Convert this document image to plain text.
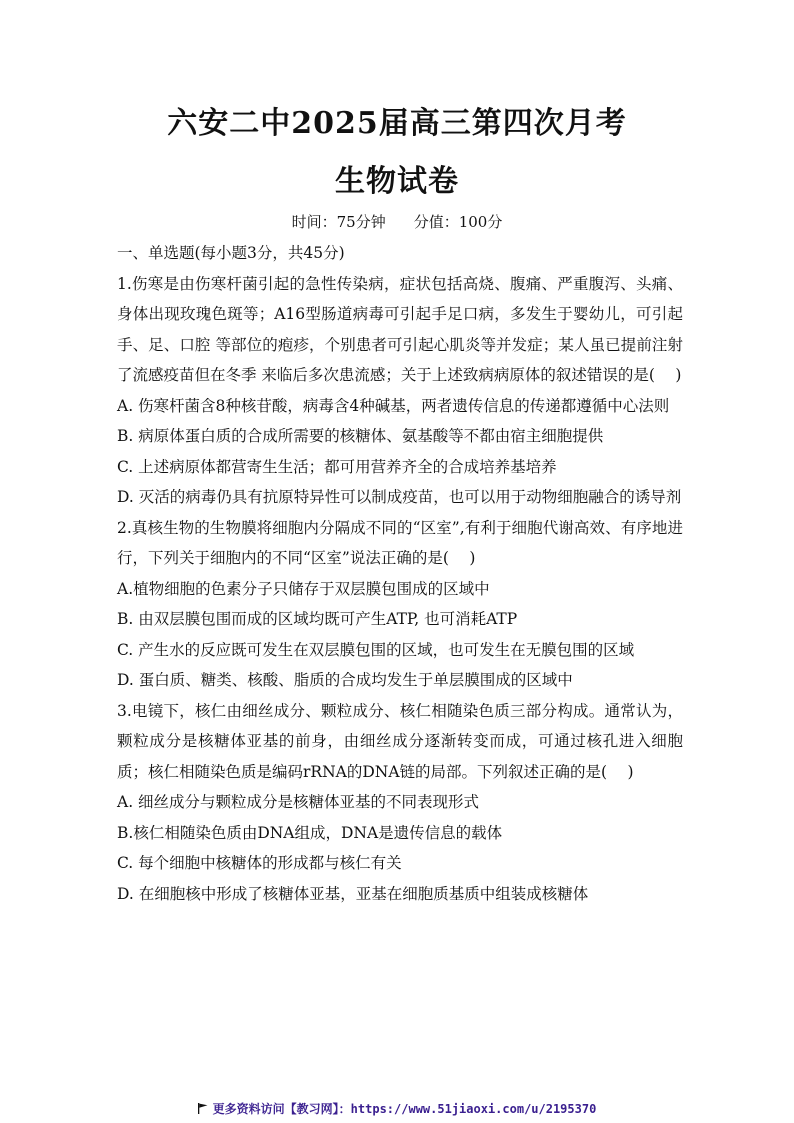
六安二中2025届高三第四次月考
生物试卷
时间：75分钟 分值：100分

一、单选题(每小题3分，共45分)

1.伤寒是由伤寒杆菌引起的急性传染病，症状包括高烧、腹痛、严重腹泻、头痛、身体出现玫瑰色斑等；A16型肠道病毒可引起手足口病，多发生于婴幼儿，可引起手、足、口腔 等部位的疱疹，个别患者可引起心肌炎等并发症；某人虽已提前注射了流感疫苗但在冬季 来临后多次患流感；关于上述致病病原体的叙述错误的是(　 )

A. 伤寒杆菌含8种核苷酸，病毒含4种碱基，两者遗传信息的传递都遵循中心法则

B. 病原体蛋白质的合成所需要的核糖体、氨基酸等不都由宿主细胞提供

C. 上述病原体都营寄生生活；都可用营养齐全的合成培养基培养

D. 灭活的病毒仍具有抗原特异性可以制成疫苗，也可以用于动物细胞融合的诱导剂

2.真核生物的生物膜将细胞内分隔成不同的“区室”,有利于细胞代谢高效、有序地进行，下列关于细胞内的不同“区室”说法正确的是(　 )

A.植物细胞的色素分子只储存于双层膜包围成的区域中

B. 由双层膜包围而成的区域均既可产生ATP, 也可消耗ATP

C. 产生水的反应既可发生在双层膜包围的区域，也可发生在无膜包围的区域

D. 蛋白质、糖类、核酸、脂质的合成均发生于单层膜围成的区域中

3.电镜下，核仁由细丝成分、颗粒成分、核仁相随染色质三部分构成。通常认为，颗粒成分是核糖体亚基的前身，由细丝成分逐渐转变而成，可通过核孔进入细胞质；核仁相随染色质是编码rRNA的DNA链的局部。下列叙述正确的是(　 )

A. 细丝成分与颗粒成分是核糖体亚基的不同表现形式

B.核仁相随染色质由DNA组成，DNA是遗传信息的载体

C. 每个细胞中核糖体的形成都与核仁有关

D. 在细胞核中形成了核糖体亚基，亚基在细胞质基质中组装成核糖体

更多资料访问【教习网】：https://www.51jiaoxi.com/u/2195370
